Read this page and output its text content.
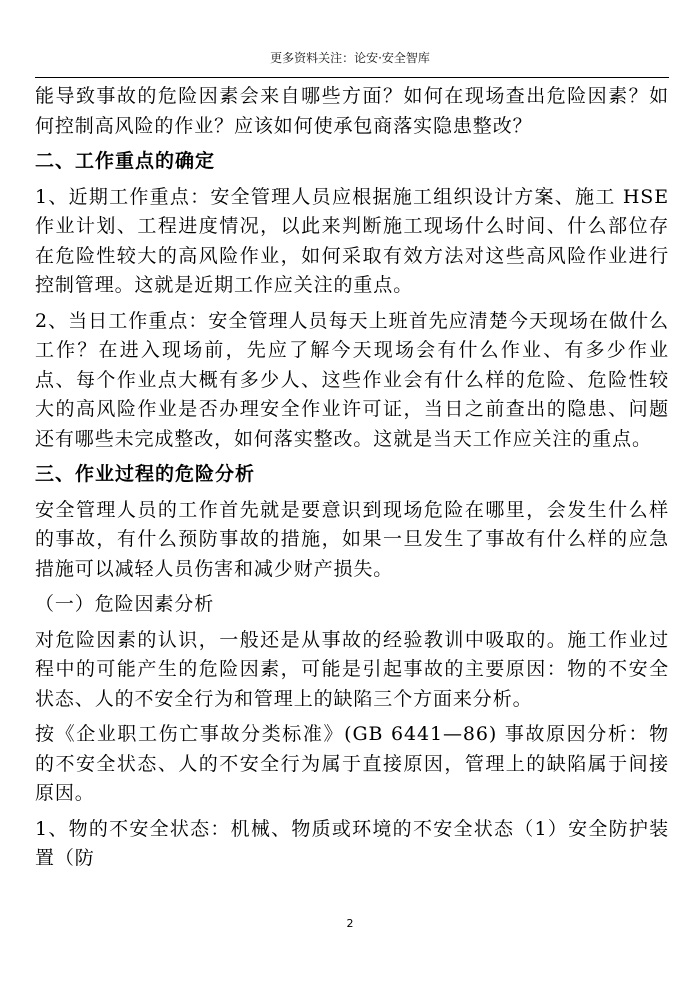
更多资料关注：论安·安全智库

能导致事故的危险因素会来自哪些方面？如何在现场查出危险因素？如何控制高风险的作业？应该如何使承包商落实隐患整改？

二、工作重点的确定

1、近期工作重点：安全管理人员应根据施工组织设计方案、施工 HSE 作业计划、工程进度情况，以此来判断施工现场什么时间、什么部位存在危险性较大的高风险作业，如何采取有效方法对这些高风险作业进行控制管理。这就是近期工作应关注的重点。

2、当日工作重点：安全管理人员每天上班首先应清楚今天现场在做什么工作？在进入现场前，先应了解今天现场会有什么作业、有多少作业点、每个作业点大概有多少人、这些作业会有什么样的危险、危险性较大的高风险作业是否办理安全作业许可证，当日之前查出的隐患、问题还有哪些未完成整改，如何落实整改。这就是当天工作应关注的重点。

三、作业过程的危险分析

安全管理人员的工作首先就是要意识到现场危险在哪里，会发生什么样的事故，有什么预防事故的措施，如果一旦发生了事故有什么样的应急措施可以减轻人员伤害和减少财产损失。

（一）危险因素分析

对危险因素的认识，一般还是从事故的经验教训中吸取的。施工作业过程中的可能产生的危险因素，可能是引起事故的主要原因：物的不安全状态、人的不安全行为和管理上的缺陷三个方面来分析。

按《企业职工伤亡事故分类标准》(GB 6441—86) 事故原因分析：物的不安全状态、人的不安全行为属于直接原因，管理上的缺陷属于间接原因。

1、物的不安全状态：机械、物质或环境的不安全状态（1）安全防护装置（防

2
